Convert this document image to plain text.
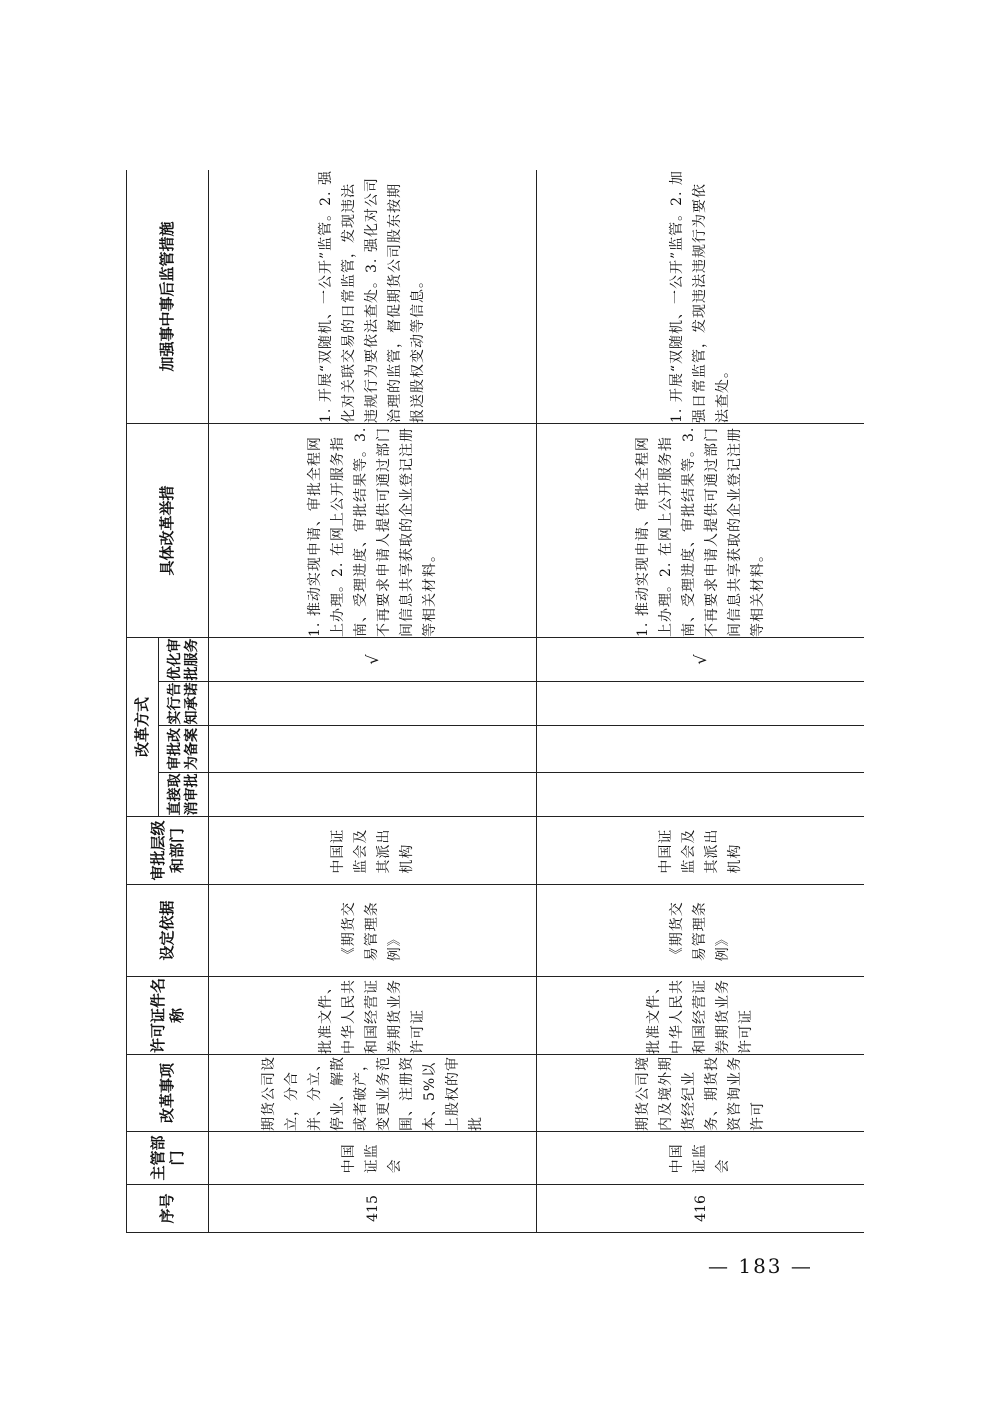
序号	主管部门	改革事项	许可证件名称	设定依据	审批层级和部门	改革方式				具体改革举措	加强事中事后监管措施
						直接取消审批	审批改为备案	实行告知承诺	优化审批服务		
415	中国证监会	期货公司设立，分合并、分立、停业、解散或者破产，变更业务范围、注册资本、5%以上股权的审批	批准文件、中华人民共和国经营证券期货业务许可证	《期货交易管理条例》	中国证监会及其派出机构				√	1. 推动实现申请、审批全程网上办理。2. 在网上公开服务指南、受理进度、审批结果等。3. 不再要求申请人提供可通过部门间信息共享获取的企业登记注册等相关材料。	1. 开展“双随机、一公开”监管。2. 强化对关联交易的日常监管，发现违法违规行为要依法查处。3. 强化对公司治理的监管，督促期货公司股东按期报送股权变动等信息。
416	中国证监会	期货公司境内及境外期货经纪业务、期货投资咨询业务许可	批准文件、中华人民共和国经营证券期货业务许可证	《期货交易管理条例》	中国证监会及其派出机构				√	1. 推动实现申请、审批全程网上办理。2. 在网上公开服务指南、受理进度、审批结果等。3. 不再要求申请人提供可通过部门间信息共享获取的企业登记注册等相关材料。	1. 开展“双随机、一公开”监管。2. 加强日常监管，发现违法违规行为要依法查处。
— 183 —
